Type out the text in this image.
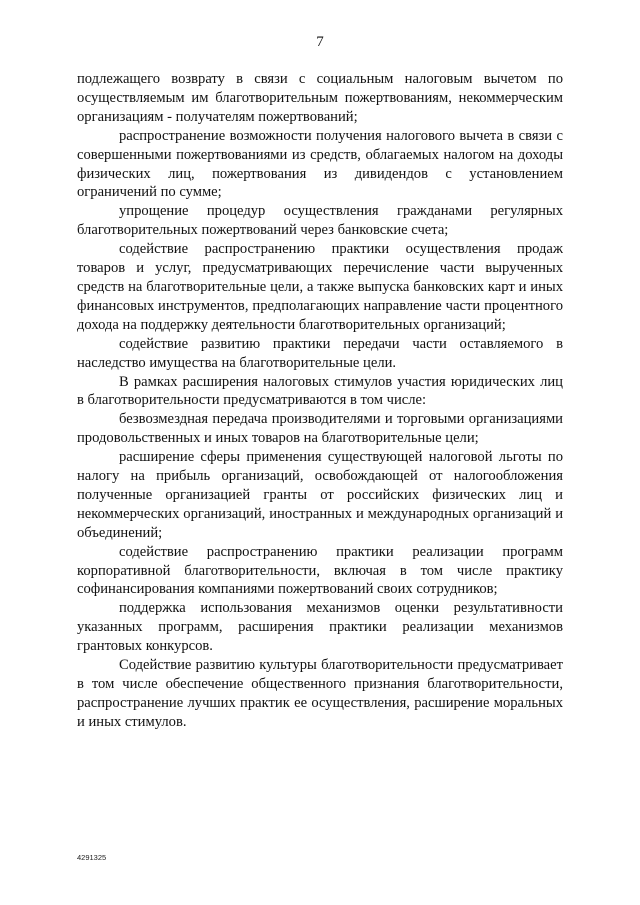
7

подлежащего возврату в связи с социальным налоговым вычетом по осуществляемым им благотворительным пожертвованиям, некоммерческим организациям - получателям пожертвований;

распространение возможности получения налогового вычета в связи с совершенными пожертвованиями из средств, облагаемых налогом на доходы физических лиц, пожертвования из дивидендов с установлением ограничений по сумме;

упрощение процедур осуществления гражданами регулярных благотворительных пожертвований через банковские счета;

содействие распространению практики осуществления продаж товаров и услуг, предусматривающих перечисление части вырученных средств на благотворительные цели, а также выпуска банковских карт и иных финансовых инструментов, предполагающих направление части процентного дохода на поддержку деятельности благотворительных организаций;

содействие развитию практики передачи части оставляемого в наследство имущества на благотворительные цели.

В рамках расширения налоговых стимулов участия юридических лиц в благотворительности предусматриваются в том числе:

безвозмездная передача производителями и торговыми организациями продовольственных и иных товаров на благотворительные цели;

расширение сферы применения существующей налоговой льготы по налогу на прибыль организаций, освобождающей от налогообложения полученные организацией гранты от российских физических лиц и некоммерческих организаций, иностранных и международных организаций и объединений;

содействие распространению практики реализации программ корпоративной благотворительности, включая в том числе практику софинансирования компаниями пожертвований своих сотрудников;

поддержка использования механизмов оценки результативности указанных программ, расширения практики реализации механизмов грантовых конкурсов.

Содействие развитию культуры благотворительности предусматривает в том числе обеспечение общественного признания благотворительности, распространение лучших практик ее осуществления, расширение моральных и иных стимулов.

4291325
